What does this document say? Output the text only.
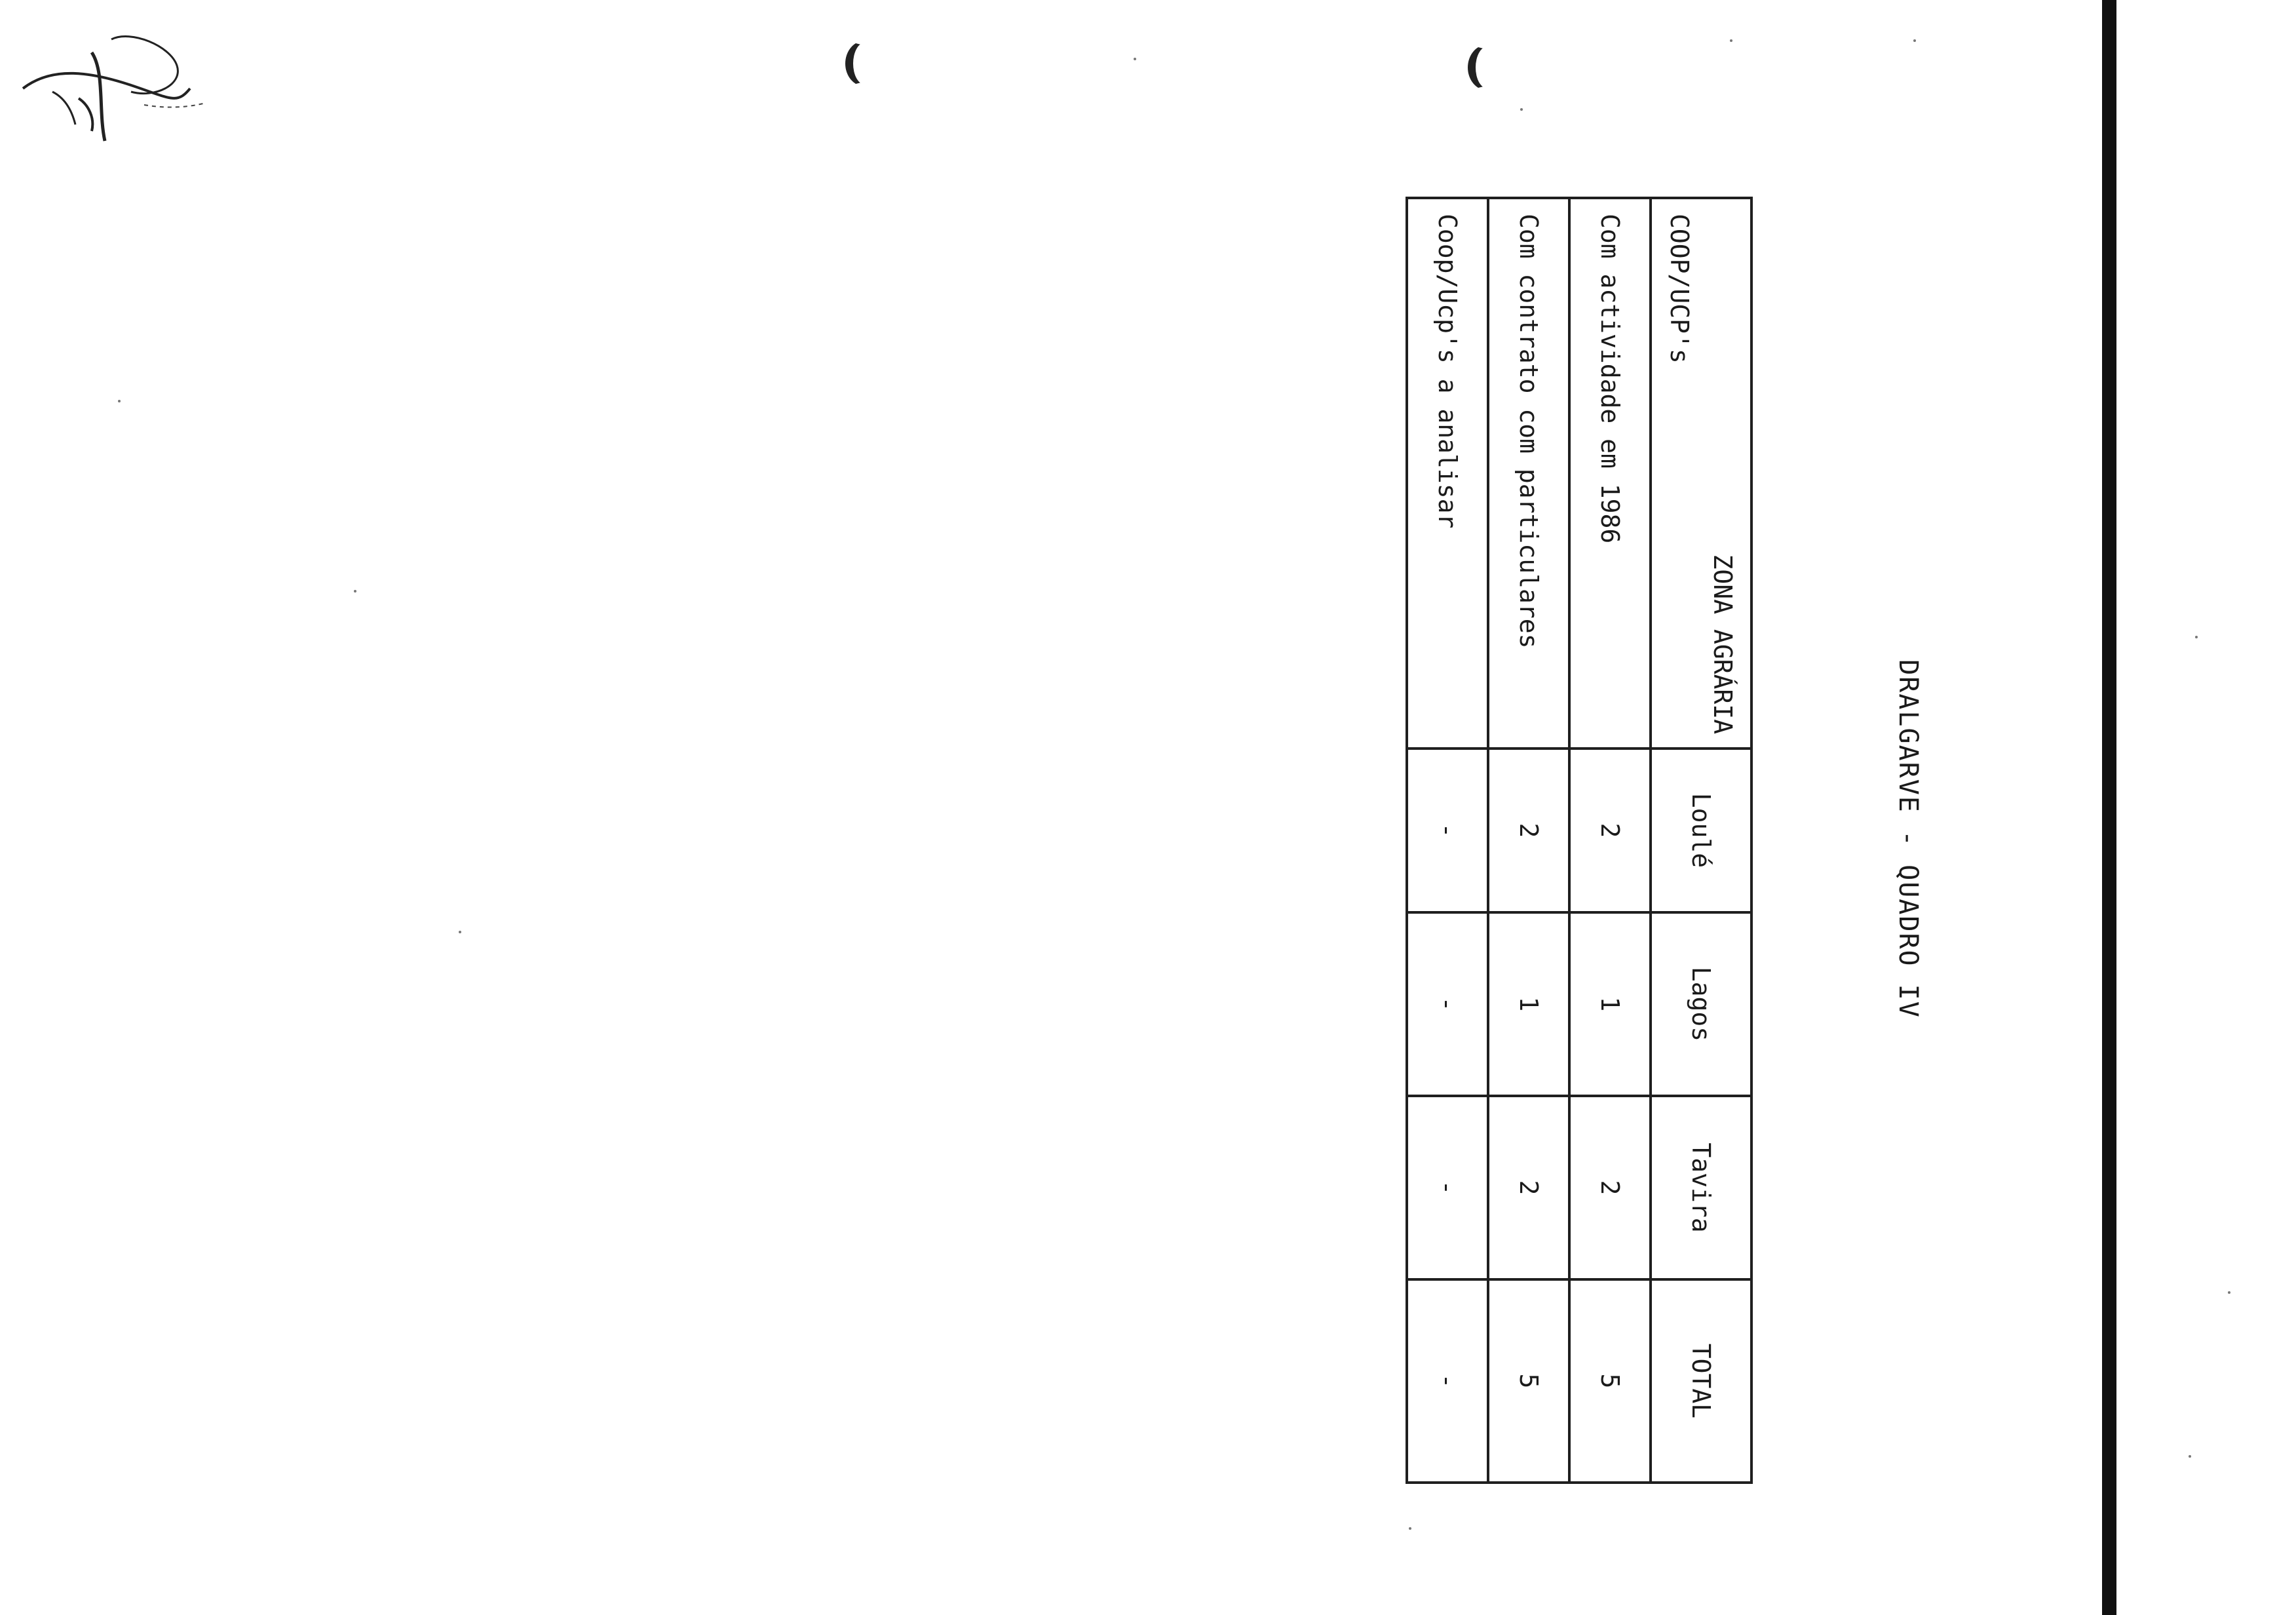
DRALGARVE - QUADRO IV
ZONA AGRÁRIA
COOP/UCP's	Loulé	Lagos	Tavira	TOTAL
Com actividade em 1986	2	1	2	5
Com contrato com particulares	2	1	2	5
Coop/Ucp's a analisar	-	-	-	-
